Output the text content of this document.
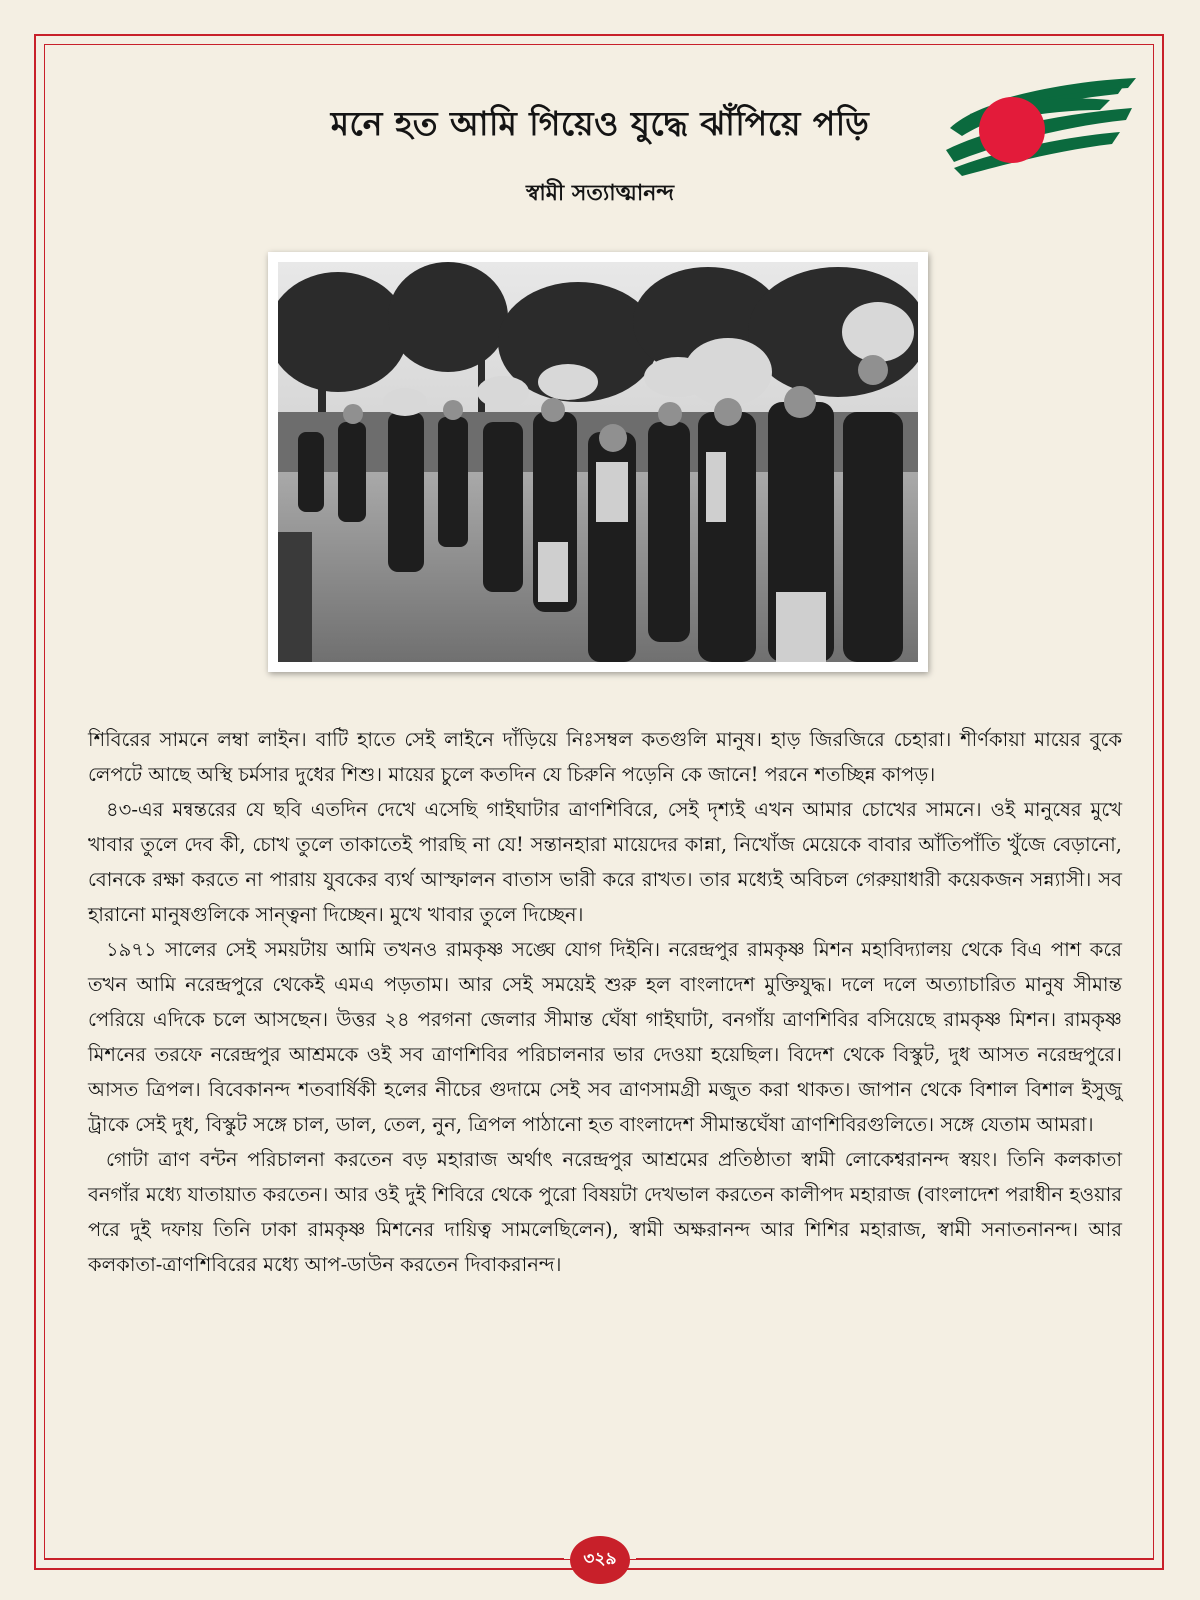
মনে হত আমি গিয়েও যুদ্ধে ঝাঁপিয়ে পড়ি
স্বামী সত্যাত্মানন্দ

শিবিরের সামনে লম্বা লাইন। বাটি হাতে সেই লাইনে দাঁড়িয়ে নিঃসম্বল কতগুলি মানুষ। হাড় জিরজিরে চেহারা। শীর্ণকায়া মায়ের বুকে লেপটে আছে অস্থি চর্মসার দুধের শিশু। মায়ের চুলে কতদিন যে চিরুনি পড়েনি কে জানে! পরনে শতচ্ছিন্ন কাপড়।

৪৩-এর মন্বন্তরের যে ছবি এতদিন দেখে এসেছি গাইঘাটার ত্রাণশিবিরে, সেই দৃশ্যই এখন আমার চোখের সামনে। ওই মানুষের মুখে খাবার তুলে দেব কী, চোখ তুলে তাকাতেই পারছি না যে! সন্তানহারা মায়েদের কান্না, নিখোঁজ মেয়েকে বাবার আঁতিপাঁতি খুঁজে বেড়ানো, বোনকে রক্ষা করতে না পারায় যুবকের ব্যর্থ আস্ফালন বাতাস ভারী করে রাখত। তার মধ্যেই অবিচল গেরুয়াধারী কয়েকজন সন্ন্যাসী। সব হারানো মানুষগুলিকে সান্ত্বনা দিচ্ছেন। মুখে খাবার তুলে দিচ্ছেন।

১৯৭১ সালের সেই সময়টায় আমি তখনও রামকৃষ্ণ সঙ্ঘে যোগ দিইনি। নরেন্দ্রপুর রামকৃষ্ণ মিশন মহাবিদ্যালয় থেকে বিএ পাশ করে তখন আমি নরেন্দ্রপুরে থেকেই এমএ পড়তাম। আর সেই সময়েই শুরু হল বাংলাদেশ মুক্তিযুদ্ধ। দলে দলে অত্যাচারিত মানুষ সীমান্ত পেরিয়ে এদিকে চলে আসছেন। উত্তর ২৪ পরগনা জেলার সীমান্ত ঘেঁষা গাইঘাটা, বনগাঁয় ত্রাণশিবির বসিয়েছে রামকৃষ্ণ মিশন। রামকৃষ্ণ মিশনের তরফে নরেন্দ্রপুর আশ্রমকে ওই সব ত্রাণশিবির পরিচালনার ভার দেওয়া হয়েছিল। বিদেশ থেকে বিস্কুট, দুধ আসত নরেন্দ্রপুরে। আসত ত্রিপল। বিবেকানন্দ শতবার্ষিকী হলের নীচের গুদামে সেই সব ত্রাণসামগ্রী মজুত করা থাকত। জাপান থেকে বিশাল বিশাল ইসুজু ট্রাকে সেই দুধ, বিস্কুট সঙ্গে চাল, ডাল, তেল, নুন, ত্রিপল পাঠানো হত বাংলাদেশ সীমান্তঘেঁষা ত্রাণশিবিরগুলিতে। সঙ্গে যেতাম আমরা।

গোটা ত্রাণ বন্টন পরিচালনা করতেন বড় মহারাজ অর্থাৎ নরেন্দ্রপুর আশ্রমের প্রতিষ্ঠাতা স্বামী লোকেশ্বরানন্দ স্বয়ং। তিনি কলকাতা বনগাঁর মধ্যে যাতায়াত করতেন। আর ওই দুই শিবিরে থেকে পুরো বিষয়টা দেখভাল করতেন কালীপদ মহারাজ (বাংলাদেশ পরাধীন হওয়ার পরে দুই দফায় তিনি ঢাকা রামকৃষ্ণ মিশনের দায়িত্ব সামলেছিলেন), স্বামী অক্ষরানন্দ আর শিশির মহারাজ, স্বামী সনাতনানন্দ। আর কলকাতা-ত্রাণশিবিরের মধ্যে আপ-ডাউন করতেন দিবাকরানন্দ।

৩২৯
